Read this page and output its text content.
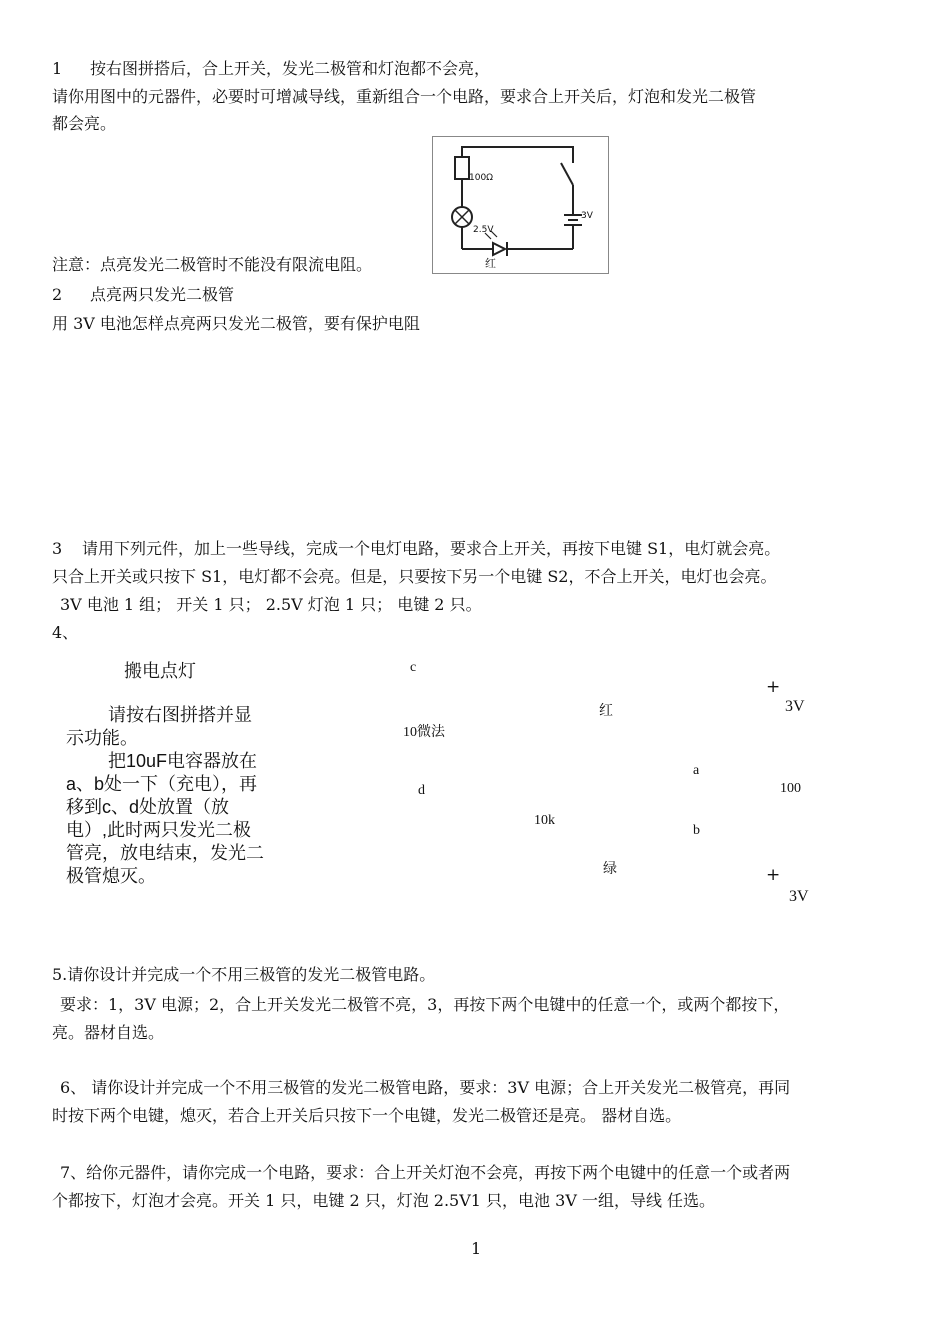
1 按右图拼搭后，合上开关，发光二极管和灯泡都不会亮，
请你用图中的元器件，必要时可增减导线，重新组合一个电路，要求合上开关后，灯泡和发光二极管
都会亮。
100Ω
2.5V
3V
红
注意：点亮发光二极管时不能没有限流电阻。
2 点亮两只发光二极管
用 3V 电池怎样点亮两只发光二极管，要有保护电阻
3 请用下列元件，加上一些导线，完成一个电灯电路，要求合上开关，再按下电键 S1，电灯就会亮。
只合上开关或只按下 S1，电灯都不会亮。但是，只要按下另一个电键 S2，不合上开关，电灯也会亮。
3V 电池 1 组； 开关 1 只； 2.5V 灯泡 1 只； 电键 2 只。
4、
搬电点灯

请按右图拼搭并显示功能。

把10uF电容器放在a、b处一下（充电），再移到c、d处放置（放电）,此时两只发光二极管亮，放电结束，发光二极管熄灭。

c
+
3V
红
10微法
a
d	100
10k
b
绿	+
3V
5.请你设计并完成一个不用三极管的发光二极管电路。
要求：1，3V 电源；2，合上开关发光二极管不亮，3，再按下两个电键中的任意一个，或两个都按下，
亮。器材自选。
6、 请你设计并完成一个不用三极管的发光二极管电路，要求：3V 电源；合上开关发光二极管亮，再同
时按下两个电键，熄灭，若合上开关后只按下一个电键，发光二极管还是亮。 器材自选。
7、给你元器件，请你完成一个电路，要求：合上开关灯泡不会亮，再按下两个电键中的任意一个或者两
个都按下，灯泡才会亮。开关 1 只，电键 2 只，灯泡 2.5V1 只，电池 3V 一组，导线 任选。
1
